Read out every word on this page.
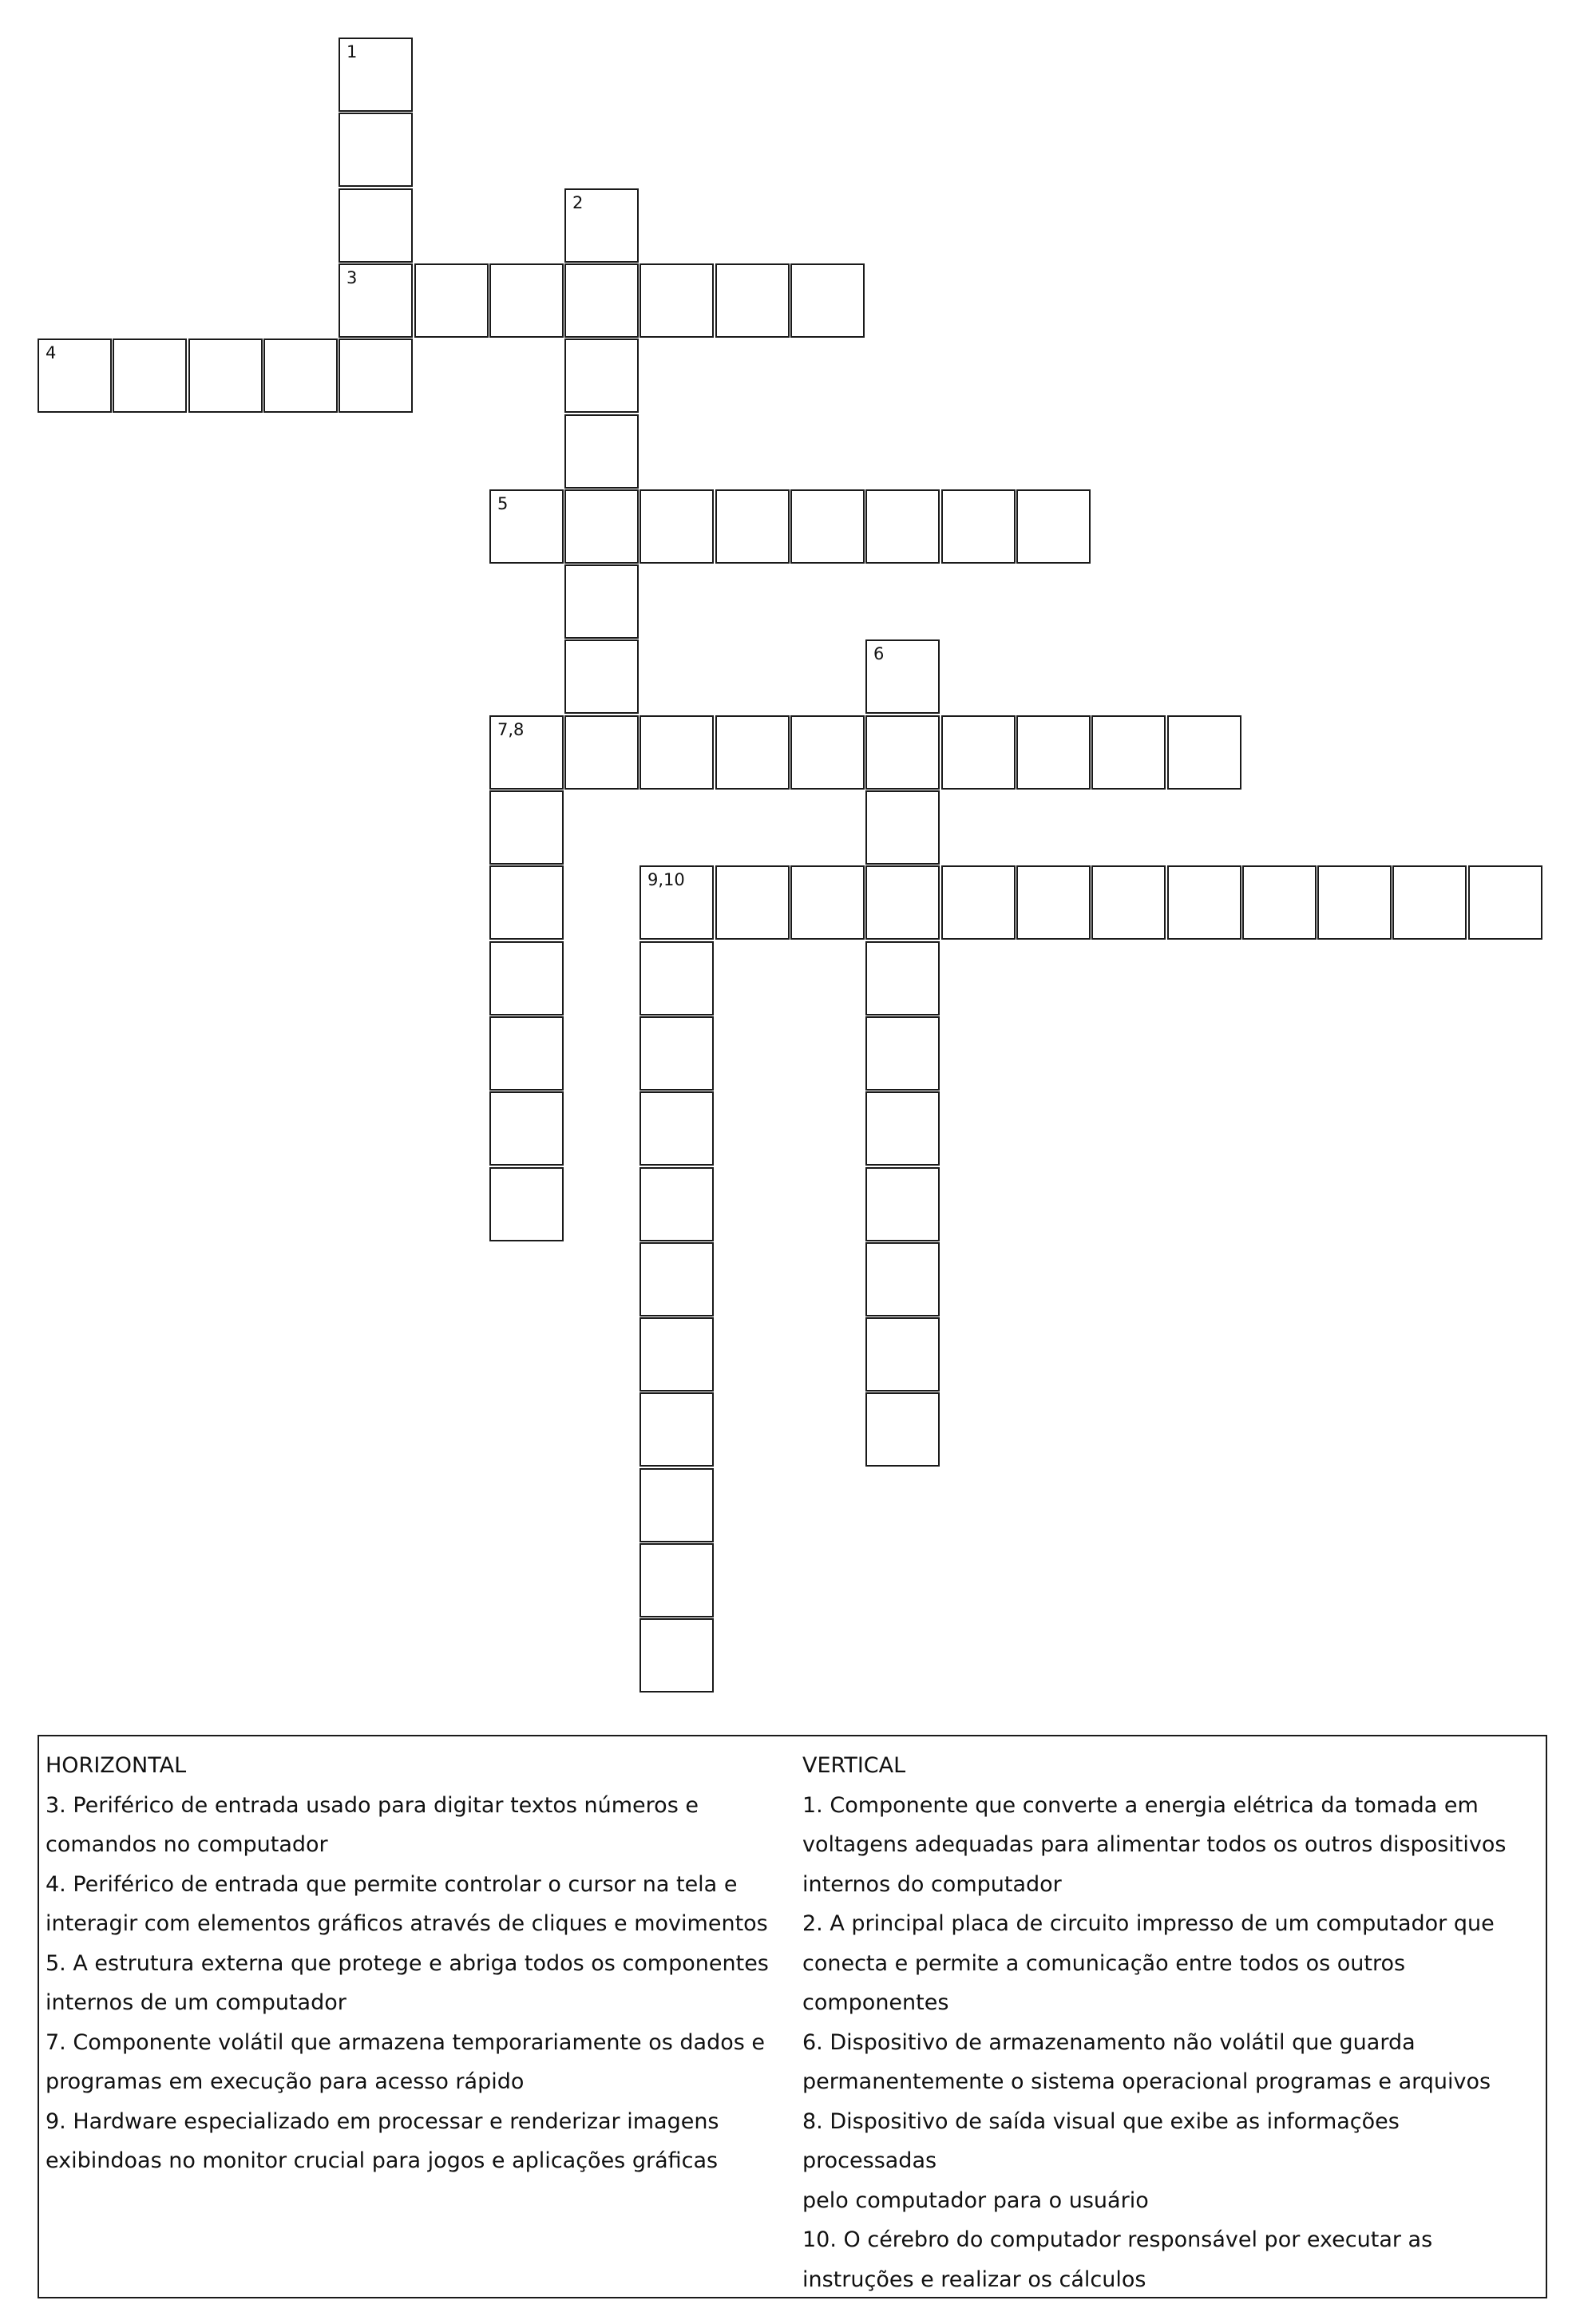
1
3
2
4
5
6
7,8
9,10
HORIZONTAL
3. Periférico de entrada usado para digitar textos números e
comandos no computador
4. Periférico de entrada que permite controlar o cursor na tela e
interagir com elementos gráficos através de cliques e movimentos
5. A estrutura externa que protege e abriga todos os componentes
internos de um computador
7. Componente volátil que armazena temporariamente os dados e
programas em execução para acesso rápido
9. Hardware especializado em processar e renderizar imagens
exibindoas no monitor crucial para jogos e aplicações gráficas
VERTICAL
1. Componente que converte a energia elétrica da tomada em
voltagens adequadas para alimentar todos os outros dispositivos
internos do computador
2. A principal placa de circuito impresso de um computador que
conecta e permite a comunicação entre todos os outros
componentes
6. Dispositivo de armazenamento não volátil que guarda
permanentemente o sistema operacional programas e arquivos
8. Dispositivo de saída visual que exibe as informações processadas
pelo computador para o usuário
10. O cérebro do computador responsável por executar as
instruções e realizar os cálculos
